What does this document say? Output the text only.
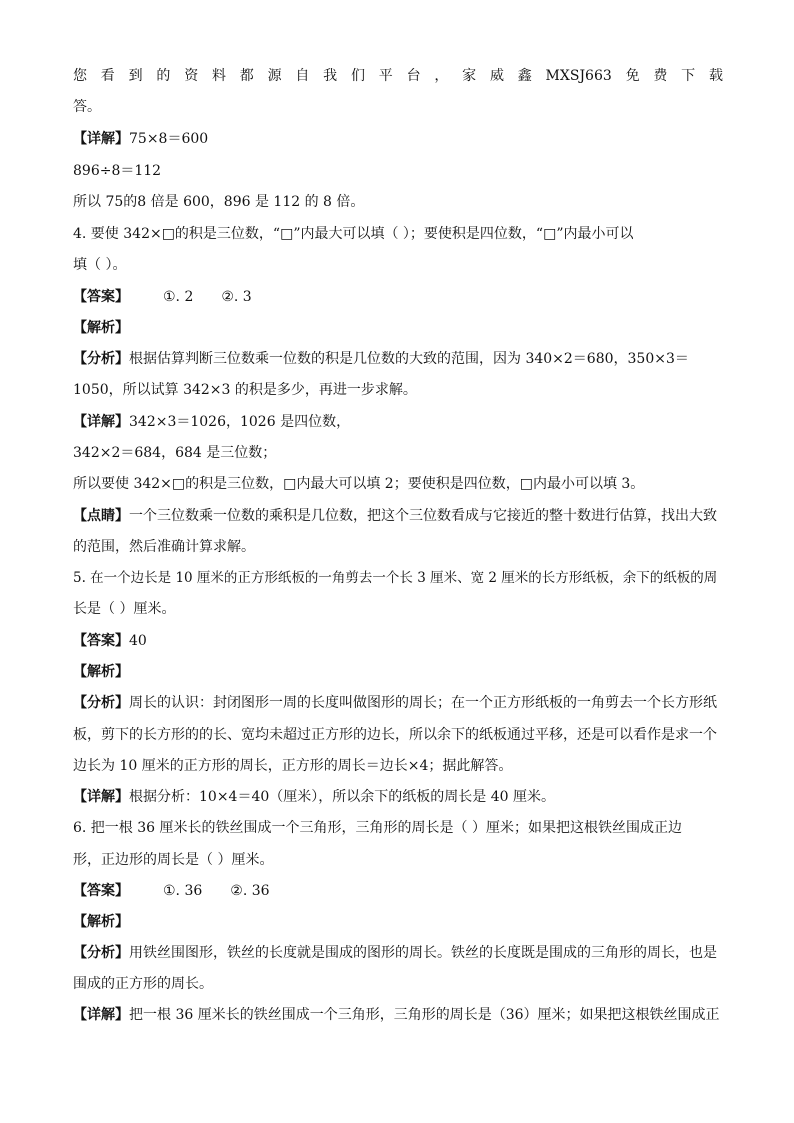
您 看 到 的 资 料 都 源 自 我 们 平 台 ， 家 威 鑫 MXSJ663 免 费 下 载
答。
【详解】75×8＝600
896÷8＝112
所以 75的8 倍是 600，896 是 112 的 8 倍。
4. 要使 342×□的积是三位数，“□”内最大可以填（ ）；要使积是四位数，“□”内最小可以
填（ ）。
【答案】 ①. 2 ②. 3
【解析】
【分析】根据估算判断三位数乘一位数的积是几位数的大致的范围，因为 340×2＝680，350×3＝
1050，所以试算 342×3 的积是多少，再进一步求解。
【详解】342×3＝1026，1026 是四位数，
342×2＝684，684 是三位数；
所以要使 342×□的积是三位数，□内最大可以填 2；要使积是四位数，□内最小可以填 3。
【点睛】一个三位数乘一位数的乘积是几位数，把这个三位数看成与它接近的整十数进行估算，找出大致
的范围，然后准确计算求解。
5. 在一个边长是 10 厘米的正方形纸板的一角剪去一个长 3 厘米、宽 2 厘米的长方形纸板，余下的纸板的周
长是（ ）厘米。
【答案】40
【解析】
【分析】周长的认识：封闭图形一周的长度叫做图形的周长；在一个正方形纸板的一角剪去一个长方形纸
板，剪下的长方形的的长、宽均未超过正方形的边长，所以余下的纸板通过平移，还是可以看作是求一个
边长为 10 厘米的正方形的周长，正方形的周长＝边长×4；据此解答。
【详解】根据分析：10×4＝40（厘米），所以余下的纸板的周长是 40 厘米。
6. 把一根 36 厘米长的铁丝围成一个三角形，三角形的周长是（ ）厘米；如果把这根铁丝围成正边
形，正边形的周长是（ ）厘米。
【答案】 ①. 36 ②. 36
【解析】
【分析】用铁丝围图形，铁丝的长度就是围成的图形的周长。铁丝的长度既是围成的三角形的周长，也是
围成的正方形的周长。
【详解】把一根 36 厘米长的铁丝围成一个三角形，三角形的周长是（36）厘米；如果把这根铁丝围成正
